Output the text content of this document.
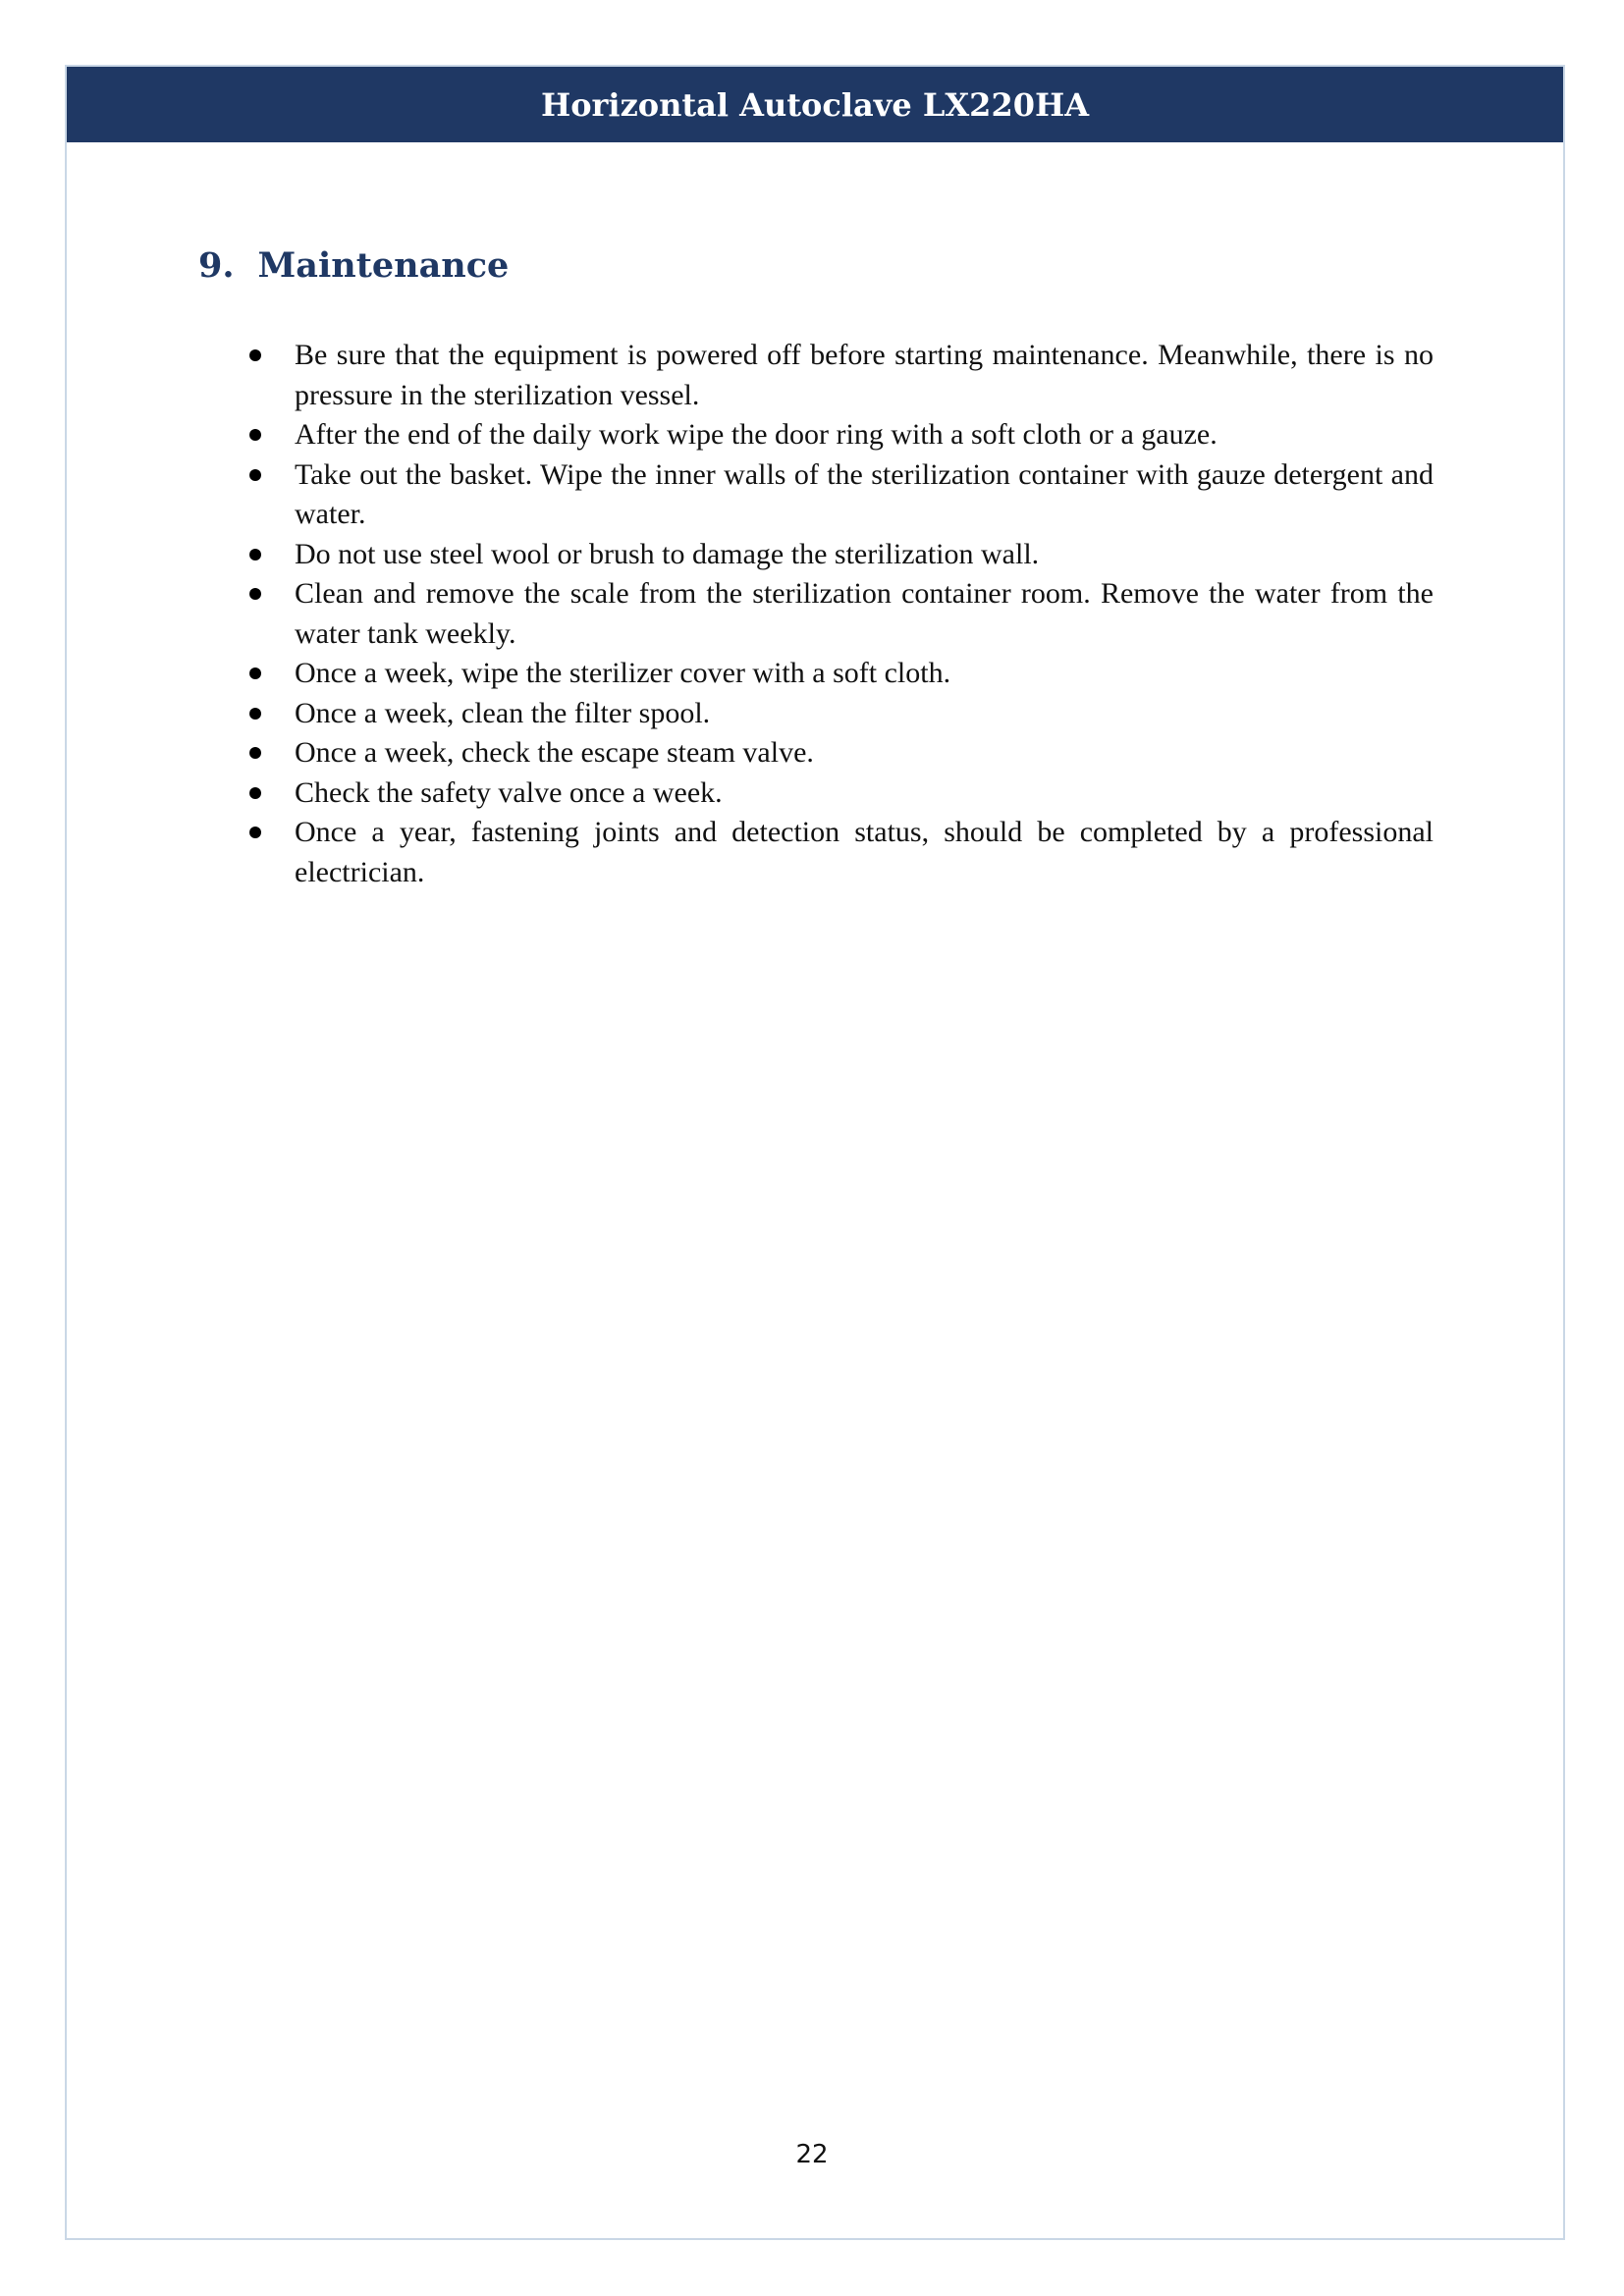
Horizontal Autoclave LX220HA
9. Maintenance
Be sure that the equipment is powered off before starting maintenance. Meanwhile, there is no pressure in the sterilization vessel.
After the end of the daily work wipe the door ring with a soft cloth or a gauze.
Take out the basket. Wipe the inner walls of the sterilization container with gauze detergent and water.
Do not use steel wool or brush to damage the sterilization wall.
Clean and remove the scale from the sterilization container room. Remove the water from the water tank weekly.
Once a week, wipe the sterilizer cover with a soft cloth.
Once a week, clean the filter spool.
Once a week, check the escape steam valve.
Check the safety valve once a week.
Once a year, fastening joints and detection status, should be completed by a professional electrician.
22
